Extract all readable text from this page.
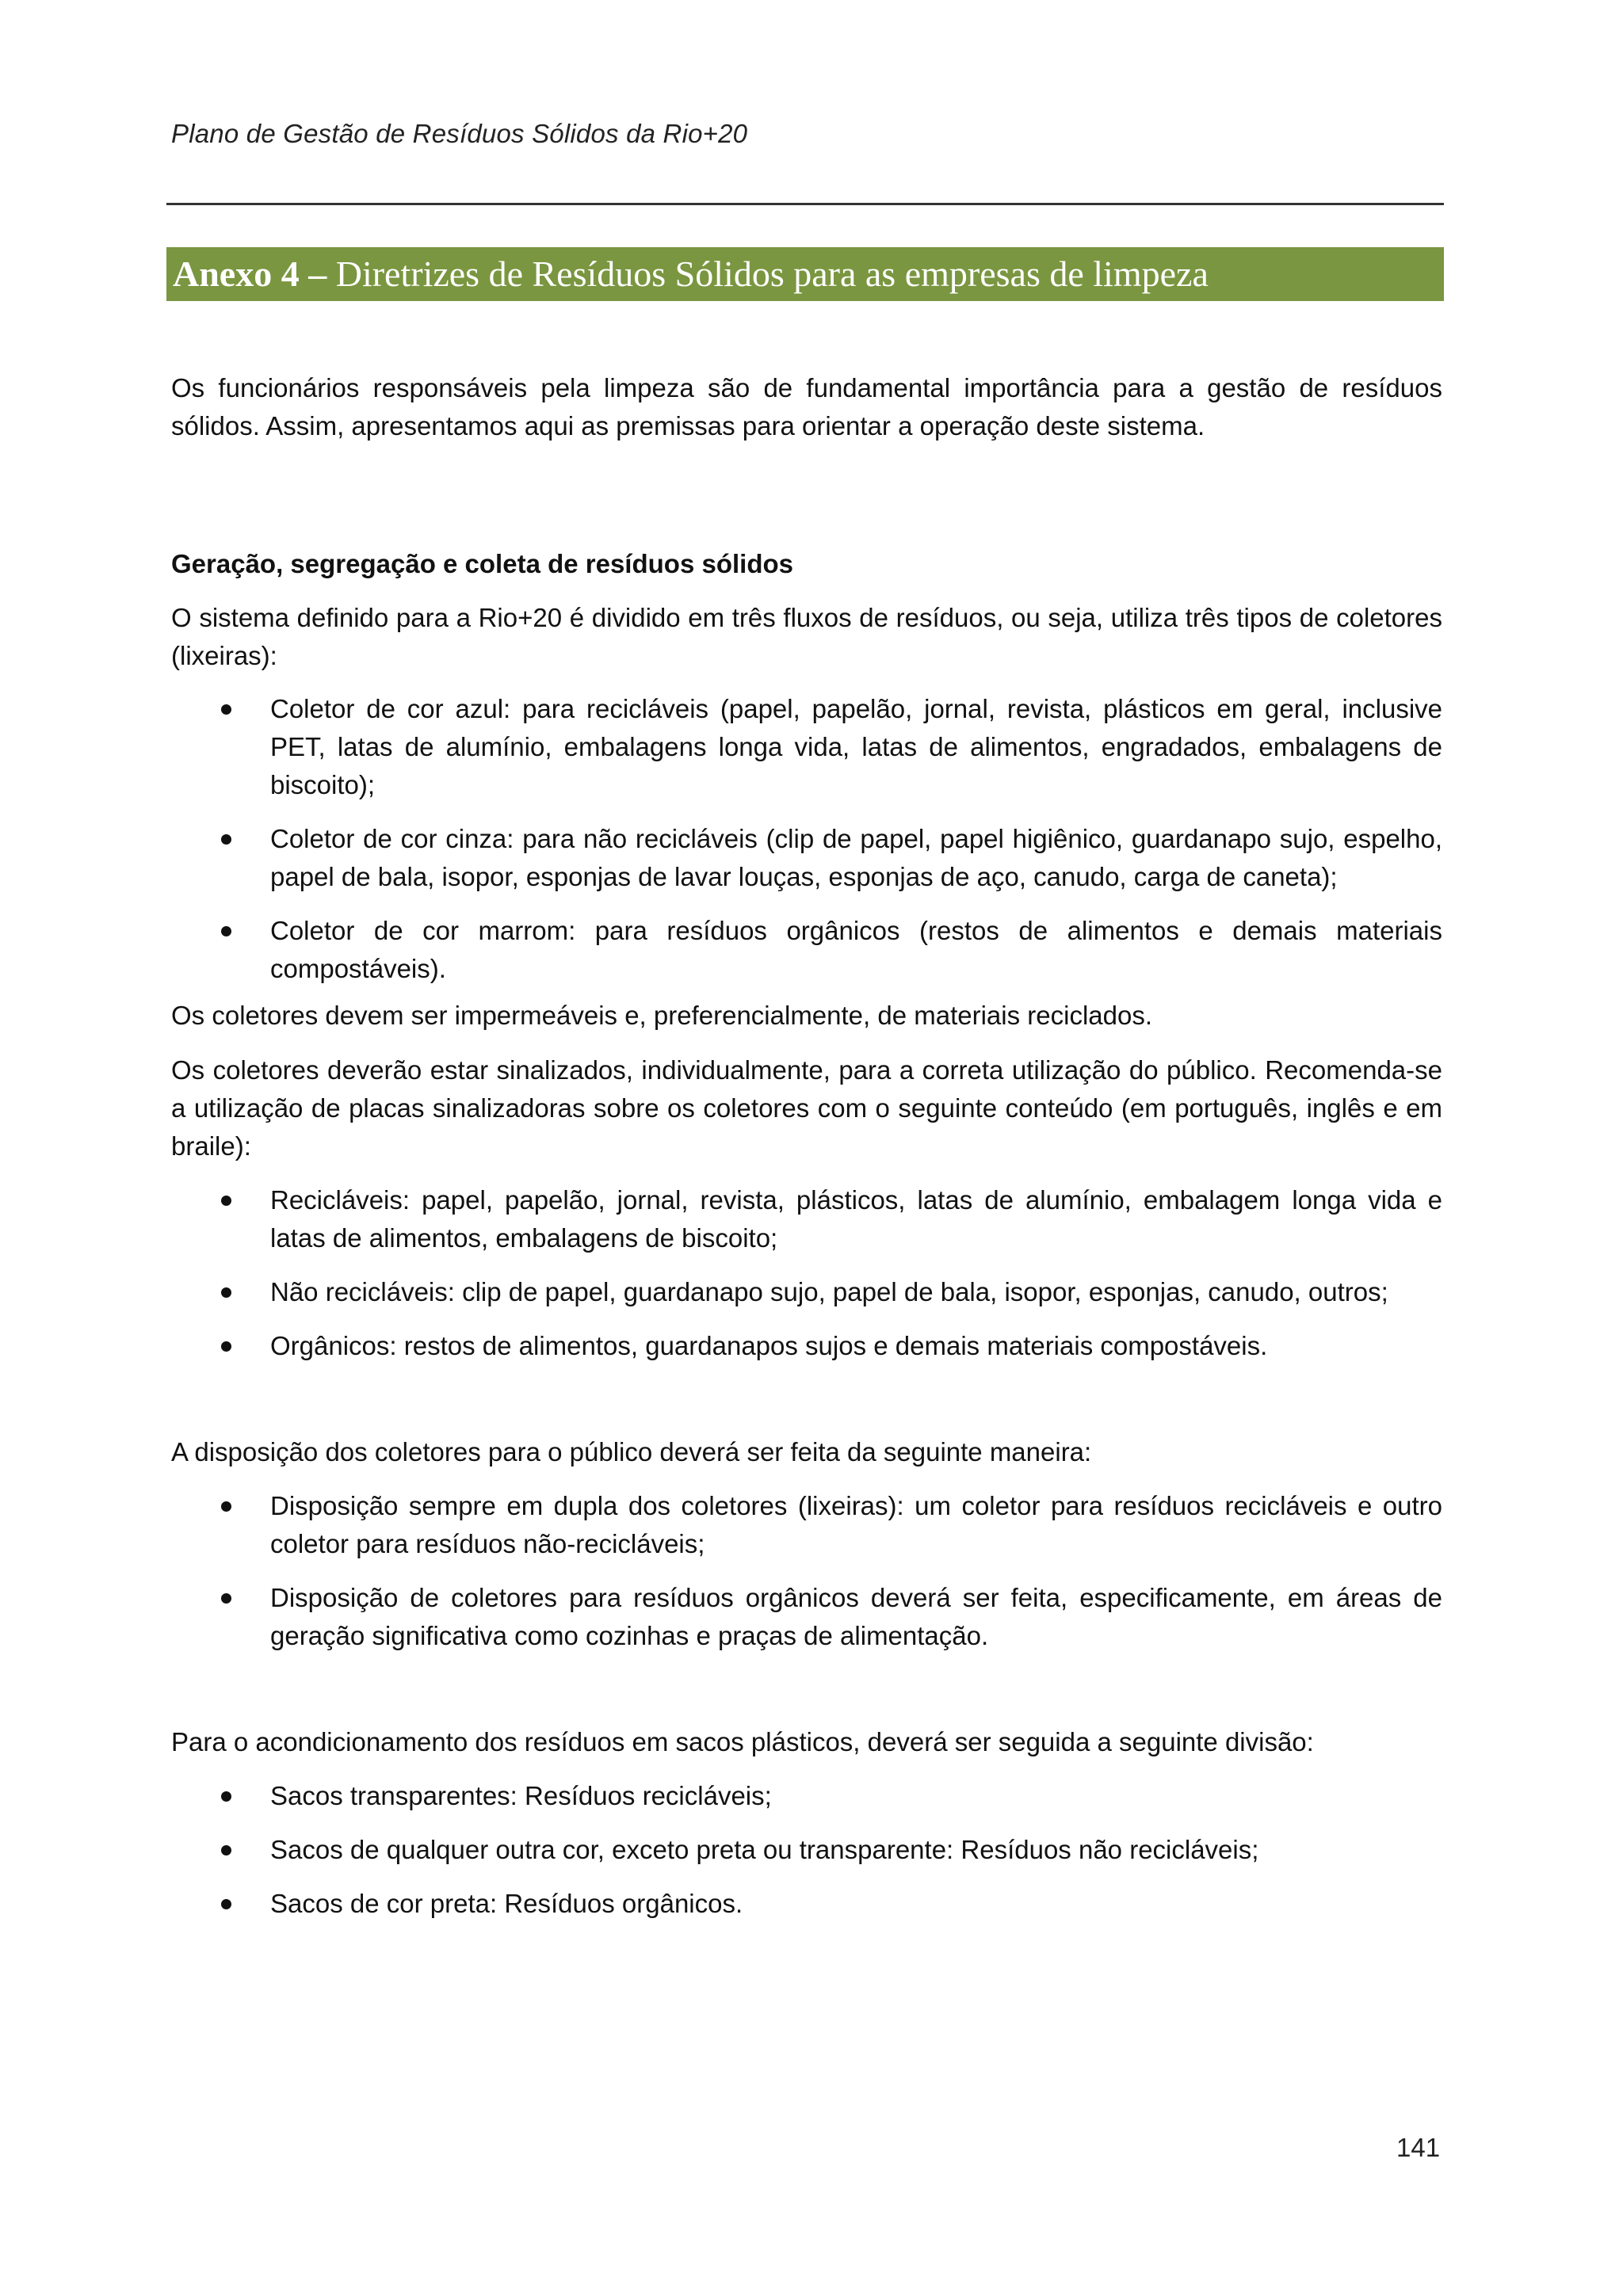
Plano de Gestão de Resíduos Sólidos da Rio+20
Anexo 4 – Diretrizes de Resíduos Sólidos para as empresas de limpeza

Os funcionários responsáveis pela limpeza são de fundamental importância para a gestão de resíduos sólidos. Assim, apresentamos aqui as premissas para orientar a operação deste sistema.

Geração, segregação e coleta de resíduos sólidos

O sistema definido para a Rio+20 é dividido em três fluxos de resíduos, ou seja, utiliza três tipos de coletores (lixeiras):

Coletor de cor azul: para recicláveis (papel, papelão, jornal, revista, plásticos em geral, inclusive PET, latas de alumínio, embalagens longa vida, latas de alimentos, engradados, embalagens de biscoito);
Coletor de cor cinza: para não recicláveis (clip de papel, papel higiênico, guardanapo sujo, espelho, papel de bala, isopor, esponjas de lavar louças, esponjas de aço, canudo, carga de caneta);
Coletor de cor marrom: para resíduos orgânicos (restos de alimentos e demais materiais compostáveis).

Os coletores devem ser impermeáveis e, preferencialmente, de materiais reciclados.

Os coletores deverão estar sinalizados, individualmente, para a correta utilização do público. Recomenda-se a utilização de placas sinalizadoras sobre os coletores com o seguinte conteúdo (em português, inglês e em braile):

Recicláveis: papel, papelão, jornal, revista, plásticos, latas de alumínio, embalagem longa vida e latas de alimentos, embalagens de biscoito;
Não recicláveis: clip de papel, guardanapo sujo, papel de bala, isopor, esponjas, canudo, outros;
Orgânicos: restos de alimentos, guardanapos sujos e demais materiais compostáveis.

A disposição dos coletores para o público deverá ser feita da seguinte maneira:

Disposição sempre em dupla dos coletores (lixeiras): um coletor para resíduos recicláveis e outro coletor para resíduos não-recicláveis;
Disposição de coletores para resíduos orgânicos deverá ser feita, especificamente, em áreas de geração significativa como cozinhas e praças de alimentação.

Para o acondicionamento dos resíduos em sacos plásticos, deverá ser seguida a seguinte divisão:

Sacos transparentes: Resíduos recicláveis;
Sacos de qualquer outra cor, exceto preta ou transparente: Resíduos não recicláveis;
Sacos de cor preta: Resíduos orgânicos.
141
